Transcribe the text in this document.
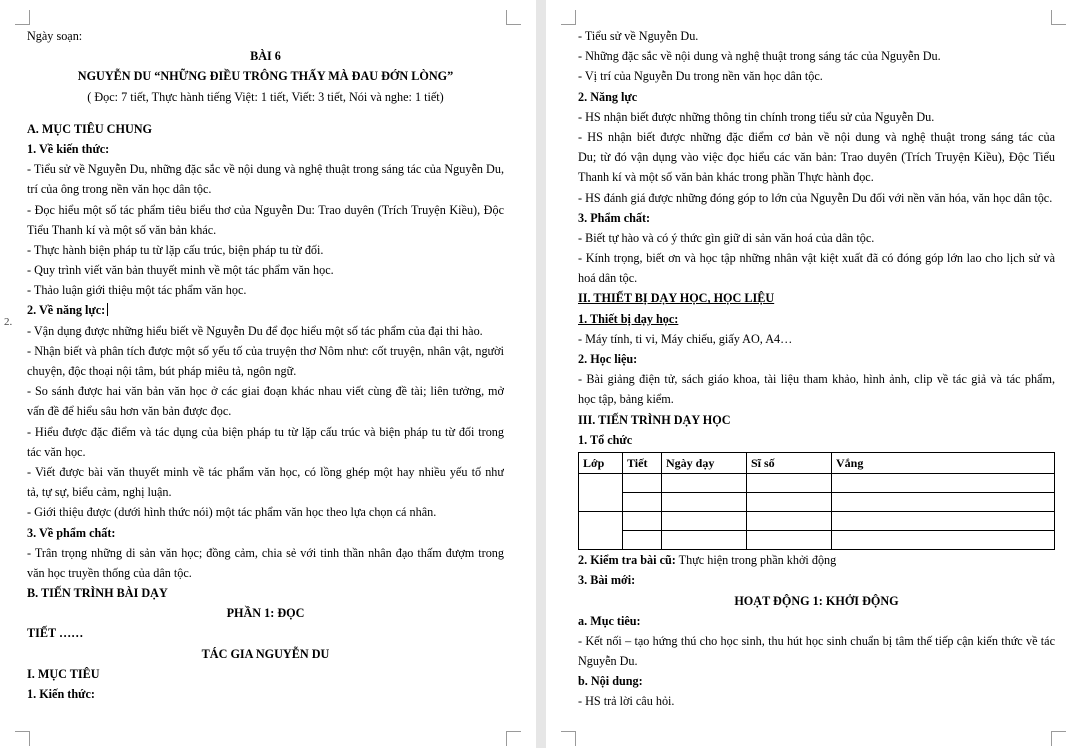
2.
Ngày soạn:
BÀI 6
NGUYỄN DU “NHỮNG ĐIỀU TRÔNG THẤY MÀ ĐAU ĐỚN LÒNG”
( Đọc: 7 tiết, Thực hành tiếng Việt: 1 tiết, Viết: 3 tiết, Nói và nghe: 1 tiết)
A. MỤC TIÊU CHUNG
1. Về kiến thức:
- Tiểu sử về Nguyễn Du, những đặc sắc về nội dung và nghệ thuật trong sáng tác của Nguyễn Du,
trí của ông trong nền văn học dân tộc.
- Đọc hiểu một số tác phẩm tiêu biểu thơ của Nguyễn Du: Trao duyên (Trích Truyện Kiều), Độc
Tiểu Thanh kí và một số văn bản khác.
- Thực hành biện pháp tu từ lặp cấu trúc, biện pháp tu từ đối.
- Quy trình viết văn bản thuyết minh về một tác phẩm văn học.
- Thảo luận giới thiệu một tác phẩm văn học.
2. Về năng lực:
- Vận dụng được những hiểu biết về Nguyễn Du để đọc hiểu một số tác phẩm của đại thi hào.
- Nhận biết và phân tích được một số yếu tố của truyện thơ Nôm như: cốt truyện, nhân vật, người
chuyện, độc thoại nội tâm, bút pháp miêu tả, ngôn ngữ.
- So sánh được hai văn bản văn học ở các giai đoạn khác nhau viết cùng đề tài; liên tưởng, mở
vấn đề để hiểu sâu hơn văn bản được đọc.
- Hiểu được đặc điểm và tác dụng của biện pháp tu từ lặp cấu trúc và biện pháp tu từ đối trong
tác văn học.
- Viết được bài văn thuyết minh về tác phẩm văn học, có lồng ghép một hay nhiều yếu tố như
tả, tự sự, biểu cảm, nghị luận.
- Giới thiệu được (dưới hình thức nói) một tác phẩm văn học theo lựa chọn cá nhân.
3. Về phẩm chất:
- Trân trọng những di sản văn học; đồng cảm, chia sẻ với tinh thần nhân đạo thấm đượm trong
văn học truyền thống của dân tộc.
B. TIẾN TRÌNH BÀI DẠY
PHẦN 1: ĐỌC
TIẾT ……
TÁC GIA NGUYỄN DU
I. MỤC TIÊU
1. Kiến thức:
- Tiểu sử về Nguyễn Du.
- Những đặc sắc về nội dung và nghệ thuật trong sáng tác của Nguyễn Du.
- Vị trí của Nguyễn Du trong nền văn học dân tộc.
2. Năng lực
- HS nhận biết được những thông tin chính trong tiểu sử của Nguyễn Du.
- HS nhận biết được những đặc điểm cơ bản về nội dung và nghệ thuật trong sáng tác của
Du; từ đó vận dụng vào việc đọc hiểu các văn bản: Trao duyên (Trích Truyện Kiều), Độc Tiểu
Thanh kí và một số văn bản khác trong phần Thực hành đọc.
- HS đánh giá được những đóng góp to lớn của Nguyễn Du đối với nền văn hóa, văn học dân tộc.
3. Phẩm chất:
- Biết tự hào và có ý thức gìn giữ di sản văn hoá của dân tộc.
- Kính trọng, biết ơn và học tập những nhân vật kiệt xuất đã có đóng góp lớn lao cho lịch sử và
hoá dân tộc.
II. THIẾT BỊ DẠY HỌC, HỌC LIỆU
1. Thiết bị dạy học:
- Máy tính, ti vi, Máy chiếu, giấy AO, A4…
2. Học liệu:
- Bài giảng điện tử, sách giáo khoa, tài liệu tham khảo, hình ảnh, clip về tác giả và tác phẩm,
học tập, bảng kiểm.
III. TIẾN TRÌNH DẠY HỌC
1. Tổ chức
Lớp	Tiết	Ngày dạy	Sĩ số	Vắng

2. Kiểm tra bài cũ: Thực hiện trong phần khởi động
3. Bài mới:
HOẠT ĐỘNG 1: KHỞI ĐỘNG
a. Mục tiêu:
- Kết nối – tạo hứng thú cho học sinh, thu hút học sinh chuẩn bị tâm thế tiếp cận kiến thức về tác
Nguyễn Du.
b. Nội dung:
- HS trả lời câu hỏi.
